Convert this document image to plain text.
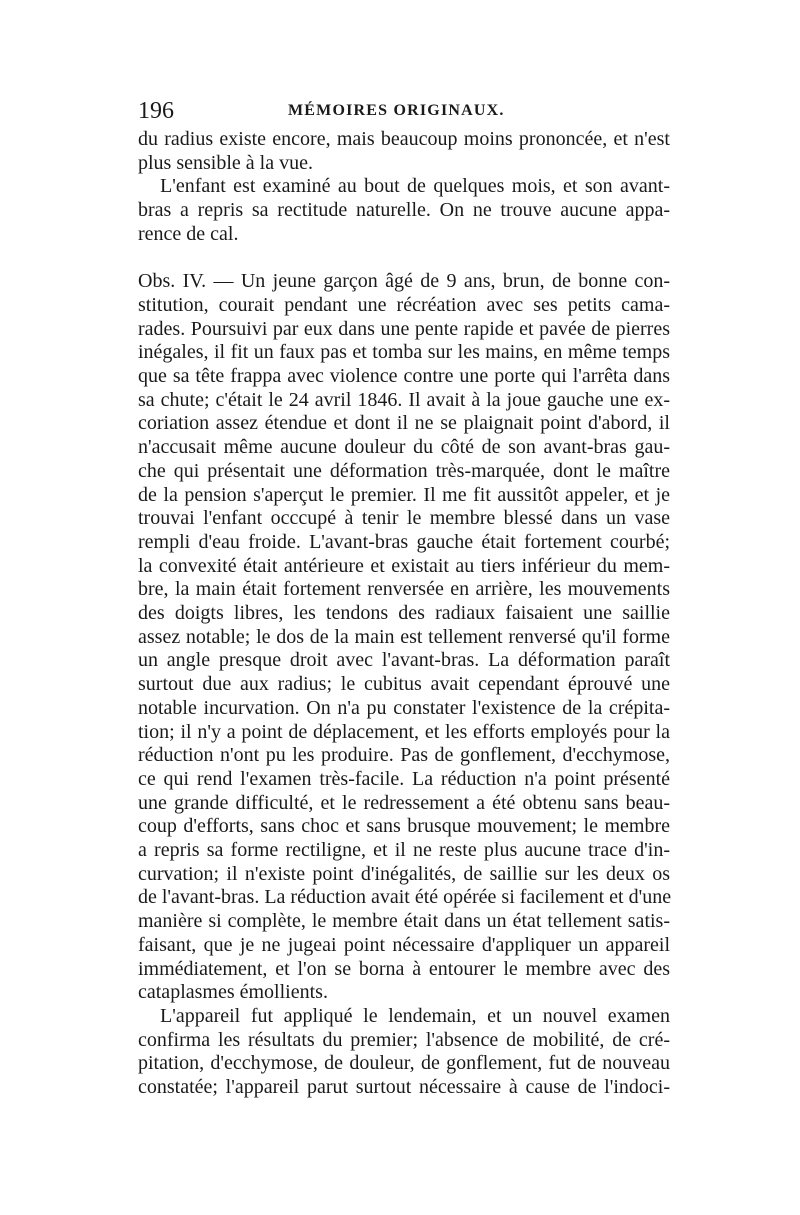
196	MÉMOIRES ORIGINAUX.
du radius existe encore, mais beaucoup moins prononcée, et n'est
plus sensible à la vue.
L'enfant est examiné au bout de quelques mois, et son avant-
bras a repris sa rectitude naturelle. On ne trouve aucune appa-
rence de cal.
Obs. IV. — Un jeune garçon âgé de 9 ans, brun, de bonne con-
stitution, courait pendant une récréation avec ses petits cama-
rades. Poursuivi par eux dans une pente rapide et pavée de pierres
inégales, il fit un faux pas et tomba sur les mains, en même temps
que sa tête frappa avec violence contre une porte qui l'arrêta dans
sa chute; c'était le 24 avril 1846. Il avait à la joue gauche une ex-
coriation assez étendue et dont il ne se plaignait point d'abord, il
n'accusait même aucune douleur du côté de son avant-bras gau-
che qui présentait une déformation très-marquée, dont le maître
de la pension s'aperçut le premier. Il me fit aussitôt appeler, et je
trouvai l'enfant occcupé à tenir le membre blessé dans un vase
rempli d'eau froide. L'avant-bras gauche était fortement courbé;
la convexité était antérieure et existait au tiers inférieur du mem-
bre, la main était fortement renversée en arrière, les mouvements
des doigts libres, les tendons des radiaux faisaient une saillie
assez notable; le dos de la main est tellement renversé qu'il forme
un angle presque droit avec l'avant-bras. La déformation paraît
surtout due aux radius; le cubitus avait cependant éprouvé une
notable incurvation. On n'a pu constater l'existence de la crépita-
tion; il n'y a point de déplacement, et les efforts employés pour la
réduction n'ont pu les produire. Pas de gonflement, d'ecchymose,
ce qui rend l'examen très-facile. La réduction n'a point présenté
une grande difficulté, et le redressement a été obtenu sans beau-
coup d'efforts, sans choc et sans brusque mouvement; le membre
a repris sa forme rectiligne, et il ne reste plus aucune trace d'in-
curvation; il n'existe point d'inégalités, de saillie sur les deux os
de l'avant-bras. La réduction avait été opérée si facilement et d'une
manière si complète, le membre était dans un état tellement satis-
faisant, que je ne jugeai point nécessaire d'appliquer un appareil
immédiatement, et l'on se borna à entourer le membre avec des
cataplasmes émollients.
L'appareil fut appliqué le lendemain, et un nouvel examen
confirma les résultats du premier; l'absence de mobilité, de cré-
pitation, d'ecchymose, de douleur, de gonflement, fut de nouveau
constatée; l'appareil parut surtout nécessaire à cause de l'indoci-
